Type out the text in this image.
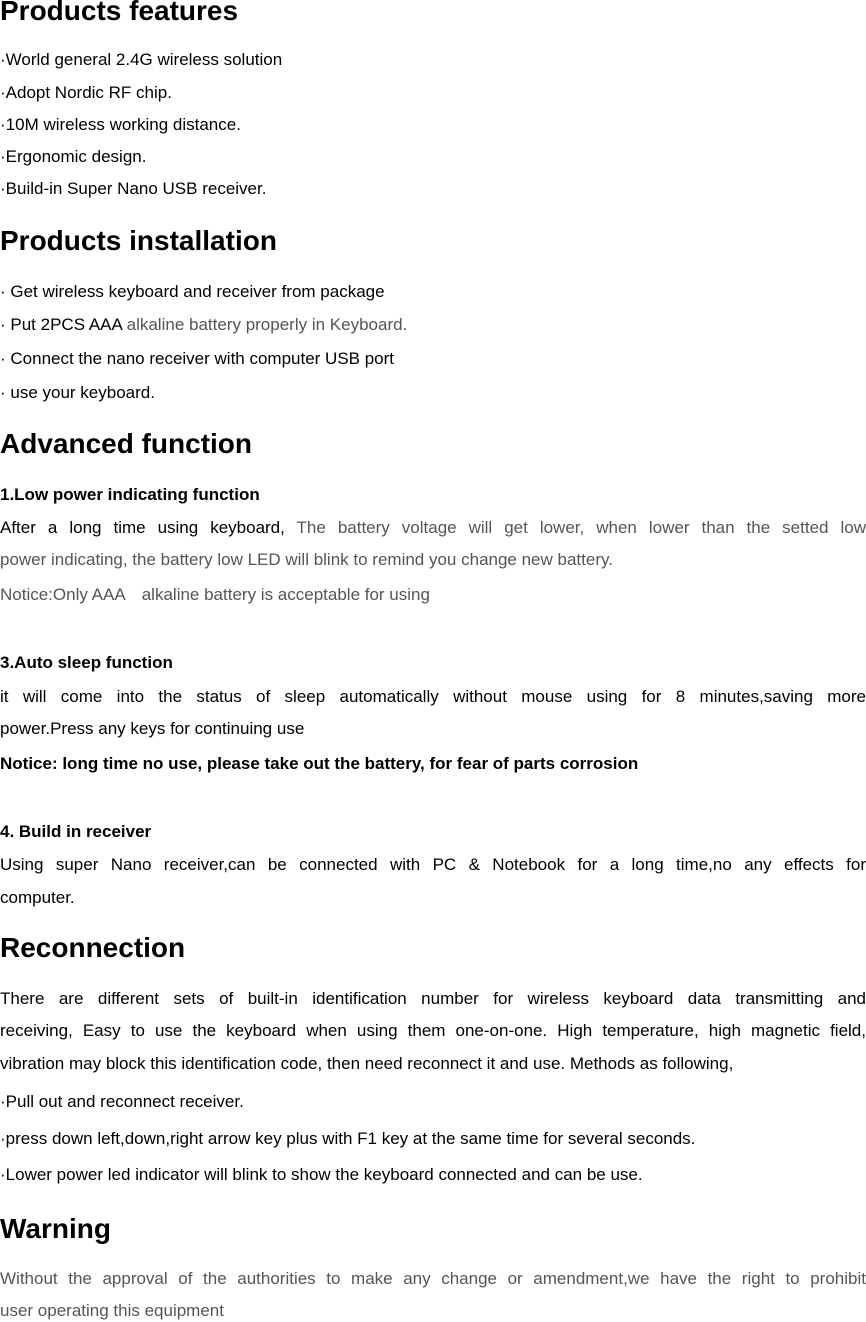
Products features

·World general 2.4G wireless solution

·Adopt Nordic RF chip.

·10M wireless working distance.

·Ergonomic design.

·Build-in Super Nano USB receiver.

Products installation

· Get wireless keyboard and receiver from package

· Put 2PCS AAA alkaline battery properly in Keyboard.

· Connect the nano receiver with computer USB port

· use your keyboard.

Advanced function

1.Low power indicating function

After a long time using keyboard, The battery voltage will get lower, when lower than the setted low

power indicating, the battery low LED will blink to remind you change new battery.

Notice:Only AAA　alkaline battery is acceptable for using

3.Auto sleep function

it will come into the status of sleep automatically without mouse using for 8 minutes,saving more

power.Press any keys for continuing use

Notice: long time no use, please take out the battery, for fear of parts corrosion

4. Build in receiver

Using super Nano receiver,can be connected with PC & Notebook for a long time,no any effects for

computer.

Reconnection

There are different sets of built-in identification number for wireless keyboard data transmitting and

receiving, Easy to use the keyboard when using them one-on-one. High temperature, high magnetic field,

vibration may block this identification code, then need reconnect it and use. Methods as following,

·Pull out and reconnect receiver.

·press down left,down,right arrow key plus with F1 key at the same time for several seconds.

·Lower power led indicator will blink to show the keyboard connected and can be use.

Warning

Without the approval of the authorities to make any change or amendment,we have the right to prohibit

user operating this equipment
